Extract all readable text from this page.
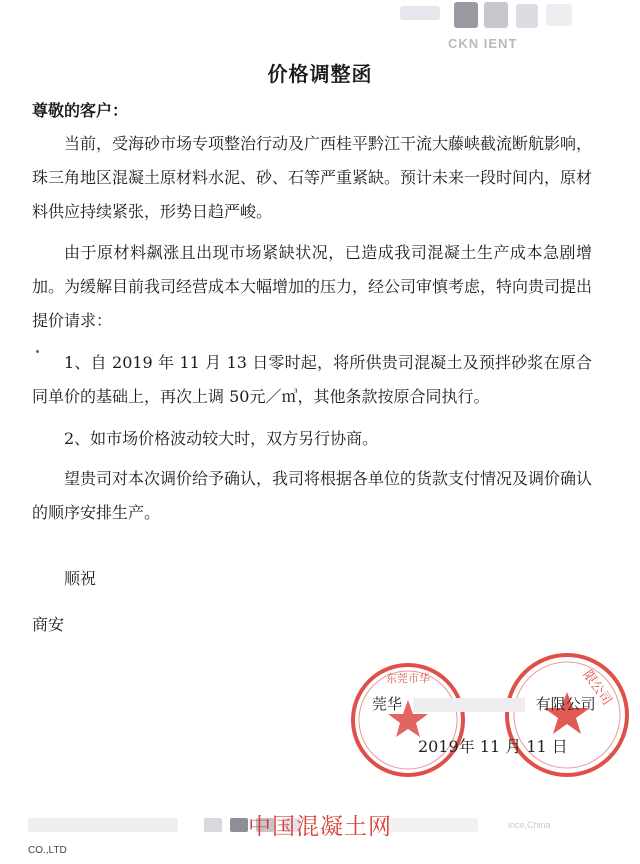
CKN IENT
价格调整函
尊敬的客户：

当前，受海砂市场专项整治行动及广西桂平黔江干流大藤峡截流断航影响，珠三角地区混凝土原材料水泥、砂、石等严重紧缺。预计未来一段时间内，原材料供应持续紧张，形势日趋严峻。

由于原材料飙涨且出现市场紧缺状况，已造成我司混凝土生产成本急剧增加。为缓解目前我司经营成本大幅增加的压力，经公司审慎考虑，特向贵司提出提价请求：

1、自 2019 年 11 月 13 日零时起，将所供贵司混凝土及预拌砂浆在原合同单价的基础上，再次上调 50元／㎥，其他条款按原合同执行。

2、如市场价格波动较大时，双方另行协商。

望贵司对本次调价给予确认，我司将根据各单位的货款支付情况及调价确认的顺序安排生产。

顺祝
商安
东莞市华	限公司
莞华	有限公司
2019年 11 月 11 日
ince,China
中国混凝土网
CO.,LTD
